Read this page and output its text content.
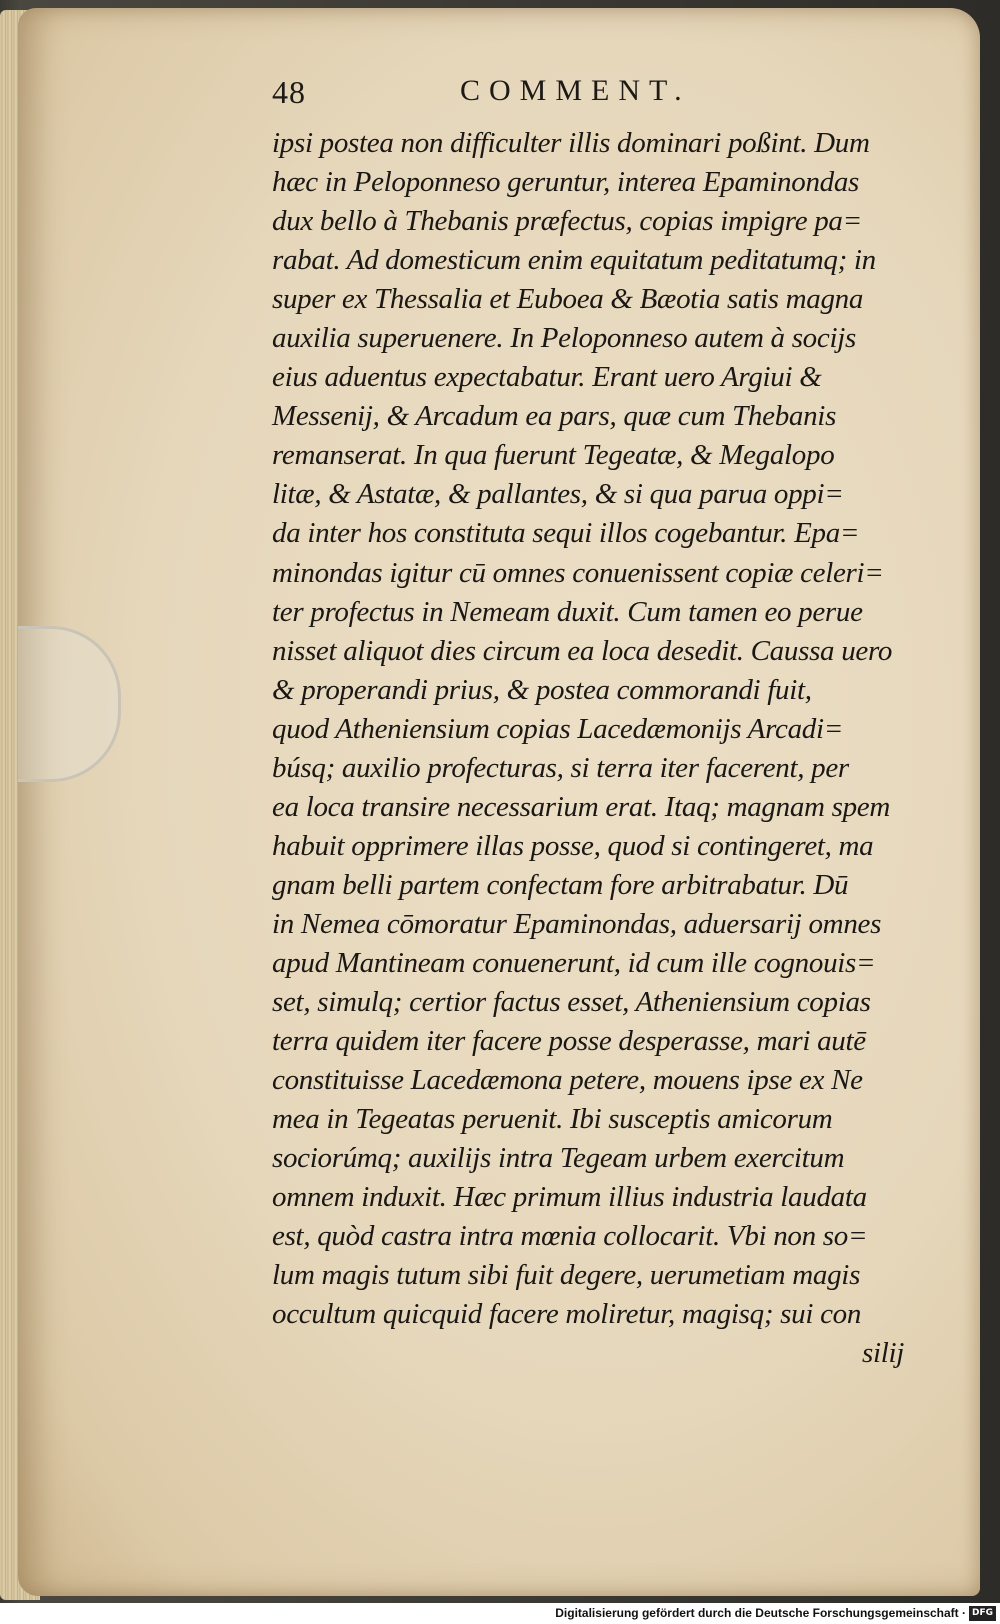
48	COMMENT.
ipsi postea non difficulter illis dominari poßint. Dum
hæc in Peloponneso geruntur, interea Epaminondas
dux bello à Thebanis præfectus, copias impigre pa=
rabat. Ad domesticum enim equitatum peditatumq; in
super ex Thessalia et Euboea & Bæotia satis magna
auxilia superuenere. In Peloponneso autem à socijs
eius aduentus expectabatur. Erant uero Argiui &
Messenij, & Arcadum ea pars, quæ cum Thebanis
remanserat. In qua fuerunt Tegeatæ, & Megalopo
litæ, & Astatæ, & pallantes, & si qua parua oppi=
da inter hos constituta sequi illos cogebantur. Epa=
minondas igitur cū omnes conuenissent copiæ celeri=
ter profectus in Nemeam duxit. Cum tamen eo perue
nisset aliquot dies circum ea loca desedit. Caussa uero
& properandi prius, & postea commorandi fuit,
quod Atheniensium copias Lacedæmonijs Arcadi=
búsq; auxilio profecturas, si terra iter facerent, per
ea loca transire necessarium erat. Itaq; magnam spem
habuit opprimere illas posse, quod si contingeret, ma
gnam belli partem confectam fore arbitrabatur. Dū
in Nemea cōmoratur Epaminondas, aduersarij omnes
apud Mantineam conuenerunt, id cum ille cognouis=
set, simulq; certior factus esset, Atheniensium copias
terra quidem iter facere posse desperasse, mari autē
constituisse Lacedæmona petere, mouens ipse ex Ne
mea in Tegeatas peruenit. Ibi susceptis amicorum
sociorúmq; auxilijs intra Tegeam urbem exercitum
omnem induxit. Hæc primum illius industria laudata
est, quòd castra intra mœnia collocarit. Vbi non so=
lum magis tutum sibi fuit degere, uerumetiam magis
occultum quicquid facere moliretur, magisq; sui con
silij
Digitalisierung gefördert durch die Deutsche Forschungsgemeinschaft · DFG
